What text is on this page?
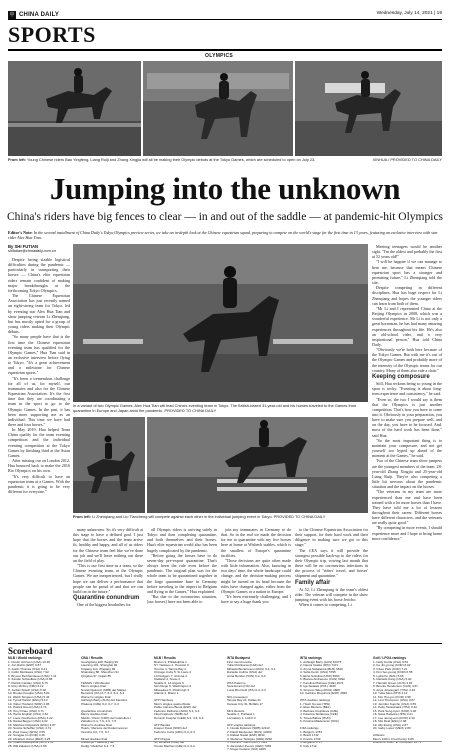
中 CHINA DAILY	Wednesday, July 14, 2021 | 19
SPORTS
OLYMPICS
From left: Young Chinese riders Bao Yingfeng, Liang Ruiji and Zhang Xingjia will all be making their Olympic debuts at the Tokyo Games, which are scheduled to open on July 23.	XINHUA / PROVIDED TO CHINA DAILY
Jumping into the unknown
China's riders have big fences to clear — in and out of the saddle — at pandemic-hit Olympics
Editor's Note: In the second installment of China Daily's Tokyo Olympics preview series, we take an in-depth look at the Chinese equestrian squad, preparing to compete on the world's stage for the first time in 13 years, featuring an exclusive interview with star rider Alex Hua Tian.
By SHI FUTIAN
shifutian@chinadaily.com.cn

Despite facing sizable logistical difficulties during the pandemic — particularly in transporting their horses — China's elite equestrian riders remain confident of making major breakthroughs at the forthcoming Tokyo Olympics.

The Chinese Equestrian Association has just recently named an eight-strong team for Tokyo, led by eventing star Alex Hua Tian and show jumping veteran Li Zhenqiang, but has mostly opted for a group of young riders making their Olympic debuts.

"So many people have that is the first time the Chinese equestrian eventing team has qualified for the Olympic Games," Hua Tian said in an exclusive interview before flying to Tokyo. "It's a great achievement and a milestone for Chinese equestrian sports."

"It's been a tremendous challenge for all of us, for myself, our teammates and also for the Chinese Equestrian Association. It's the first time that they are coordinating a team in the sport to go to the Olympic Games. In the past, it has been more supporting me as an individual. This time we have had three and four horses."

In May 2019, Hua helped Team China qualify for the team eventing competition and the individual eventing competition at the Tokyo Games by finishing third at the Asian Games.

After missing out on London 2012, Hua bounced back to make the 2016 Rio Olympics on his own.

"It's very difficult to have an equestrian team at a Games. With the pandemic it is going to be very different for everyone."

In a variant of two Olympic Games, Alex Hua Tian will lead China's eventing team in Tokyo. The British-based 31-year-old and his horses traveled to the Games from quarantine in Europe and Japan amid the pandemic. PROVIDED TO CHINA DAILY
From left: Li Zhenqiang and Liu Tiancheng will compete against each other in the individual jumping event in Tokyo. PROVIDED TO CHINA DAILY

many unknowns. So it's very difficult at this stage to have a defined goal. I just hope that the horses and the team arrive fit, healthy and happy, and all of us riders for the Chinese team feel like we've done our job and we'll leave nothing out there on the field of play.

"This is our first time as a team, so the Chinese eventing team, at the Olympic Games. We are inexperienced, but I really hope we can deliver a performance that people can be proud of and that we can build on in the future."

Quarantine conundrum

One of the biggest headaches for

all Olympic riders is arriving safely in Tokyo and then completing quarantine, and both themselves and their horses. Hua's elite equestrian world also has been hugely complicated by the pandemic.

"Before going the horses have to do seven-day pre-export quarantine. That's always been the rule even before the pandemic. The original plan was for the whole team to be quarantined together in the large quarantine base in Germany before traveling to the airport in Belgium and flying to the Games," Hua explained.

"But due to the coronavirus situation, [our horses] have not been able to

join my teammates in Germany to do that. So in the end we made the decision for me to quarantine with my five horses here at home at Wisbech stables, which is the smallest of Europe's quarantine facilities.

"Those decisions are quite often made with little information. Also, knowing in two days' time, the whole landscape could change, and the decision-making process might be turned on its head because the rules have changed again, either from the Olympic Games or a nation in Europe.

"It's been extremely challenging, and I have to say a huge thank you

to the Chinese Equestrian Association for their support, for their hard work and their diligence in making sure we got to this stage."

The CEA says it will provide the strongest possible back-up to the riders for their Olympic trip, vowing last month that there will be no coronavirus infections in the process of "riders' travel, and horses' shipment and quarantine."

Family affair

At 52, Li Zhenqiang is the team's oldest rider. The veteran will compete in the show jumping event with his horse Jericho.

When it comes to competing, Li

Meeting teenagers would be another sight. "I'm the oldest and probably the first at 52 years old!"

"I will be happier if we can manage to beat me, because that means Chinese equestrian sport has a stronger and promising future," Li Zhenqiang told the site.

Despite competing in different disciplines, Hua has huge respect for Li Zhenqiang and hopes the younger riders can learn from both of them.

"Mr Li and I represented China at the Beijing Olympics in 2008, which was a wonderful experience. Mr Li is not only a great horseman, he has had many amazing experiences throughout his life. He's also an old-school rider, and a very inspirational person," Hua told China Daily.

"Obviously we're both here because of the Tokyo Games. But with me it's out of the Olympic Games and probably more of the intensity of the Olympic teams for our country. Many of them also ride a chair."

Keeping composure

Still, Hua reckons being so young in the sport is tricky. "Eventing is about long-term experience and consistency," he said.

"Even so, the two I would say is them that the Olympics is just another competition. That's how you have to come into it. Obviously in your preparation, you have to make sure you prepare well, and on the day, you have to be focused. And, most of the hard work has been done," said Hua.

"So the most important thing is to maintain your composure, and not get yourself too hyped up ahead of the moment at the Games," he said.

Two of the Chinese team show jumpers are the youngest members of the team, 28-year-old Zhang Xingjia and 25-year-old Liang Ruiji. They're also competing a little bit nervous about the pandemic situation and the impact on the horses.

"The veterans in my team are more experienced than me and have been trained with a lot more horses than I have. They have told me a lot of lessons throughout their career. Different horses have different characters, and the veterans are really quite good."

"By competing in more events, I should experience more and I hope to bring home more confidence."

Scoreboard
MLB / World rankings
1. Dustin Johnson (USA) 10.35
2. Jon Rahm (ESP) 9.87
3. Justin Thomas (USA) 8.41
4. Collin Morikawa (USA) 7.92
5. Bryson DeChambeau (USA) 7.41
6. Xander Schauffele (USA) 6.88
7. Patrick Cantlay (USA) 6.75
8. Rory McIlroy (NIR) 6.12
9. Jordan Spieth (USA) 5.92
10. Brooks Koepka (USA) 5.81
11. Webb Simpson (USA) 5.43
12. Tyrrell Hatton (ENG) 5.10
13. Viktor Hovland (NOR) 4.96
14. Patrick Reed (USA) 4.74
15. Tony Finau (USA) 4.71
16. Harris English (USA) 4.52
17. Louis Oosthuizen (RSA) 4.22
18. Daniel Berger (USA) 4.02
19. Matthew Fitzpatrick (ENG) 3.87
20. Scottie Scheffler (USA) 3.74
21. Paul Casey (ENG) 3.55
22. Sungjae Im (KOR) 3.46
23. Abraham Ancer (MEX) 3.25
24. Hideki Matsuyama (JPN) 3.11
25. Will Zalatoris (USA) 2.98
CBA / Results
Guangdong 108, Beijing 96
Liaoning 101, Shanghai 92
Xinjiang 114, Zhejiang 99
Shandong 88, Shenzhen 91
Qingdao 97, Fujian 85

TENNIS / Wimbledon
Men's singles final:
Novak Djokovic (SRB) def Matteo
Berrettini (ITA) 6-7, 6-4, 6-4, 6-3
Women's singles final:
Ashleigh Barty (AUS) def Karolina
Pliskova (CZE) 6-3, 6-7, 6-3

Quarantine conundrum
Men's doubles final:
Mektic / Pavic (CRO) def Granollers /
Zeballos 6-4, 7-6, 2-6, 7-5
Women's doubles final:
Hsieh / Mertens def Kudermetova /
Vesnina 3-6, 7-5, 9-7

Mixed doubles final:
Krawczyk / Salisbury def
Dodig / Melichar 6-2, 7-6
MLB / Results
Boston 3, Philadelphia 1
NY Yankees 4, Houston 0
Toronto 4, Tampa Bay 2
Chicago Cubs 5, St Louis 4
LA Dodgers 7, Arizona 4
Oakland 4, Texas 2
Seattle 6, LA Angels 5
San Diego 9, Washington 3
Milwaukee 5, Pittsburgh 3
Atlanta 4, Miami 1

ATP Hamburg
Men's singles quarterfinals:
Pablo Carreno Busta (ESP) def
Federico Delbonis (ARG) 6-3, 6-3
Filip Krajinovic (SRB) def
Dominic Koepfer (GER) 6-3, 4-6, 6-3

ATP Bastad
Casper Ruud (NOR) def
Federico Coria (ARG) 6-3, 6-3

ATP Prague
Jiri Lehecka (CZE) def
Tomas Machac (CZE) 6-4, 6-2
WTA Budapest
First round results:
Yulia Putintseva (KAZ) def
Mihaela Buzarnescu (ROU) 6-4, 6-1
Danielle Collins (USA) def
Anna Bondar (HUN) 6-2, 6-3

WTA Palermo
Sara Errani (ITA) def
Lucia Bronzetti (ITA) 6-3, 6-2

NFL preseason
Tampa Bay 24, Dallas 21
Kansas City 31, Buffalo 17

MLS Results
Seattle 2, Portland 1
LA Galaxy 1, LAFC 0

ATP singles rankings
1. Novak Djokovic (SRB) 12113
2. Daniil Medvedev (RUS) 10280
3. Rafael Nadal (ESP) 9630
4. Stefanos Tsitsipas (GRE) 8260
5. Dominic Thiem (AUT) 7425
6. Alexander Zverev (GER) 7065
7. Roger Federer (SUI) 6465
WTA rankings
1. Ashleigh Barty (AUS) 10075
2. Naomi Osaka (JPN) 7471
3. Aryna Sabalenka (BLR) 6810
4. Sofia Kenin (USA) 5795
5. Elina Svitolina (UKR) 5560
6. Bianca Andreescu (CAN) 5392
7. Karolina Pliskova (CZE) 4972
8. Iga Swiatek (POL) 4940
9. Simona Halep (ROU) 4880
10. Garbine Muguruza (ESP) 4695

WTA doubles rankings
1. Hsieh Su-wei (TPE)
2. Elise Mertens (BEL)
3. Barbora Krejcikova (CZE)
4. Katerina Siniakova (CZE)
5. Timea Babos (HUN)
6. Kristina Mladenovic (FRA)

FIFA rankings
1. Belgium 1783
2. Brazil 1742
3. France 1733
4. England 1717
5. Italy 1712
Golf / LPGA rankings
1. Nelly Korda (USA) 9.54
2. Ko Jin-young (KOR) 8.02
3. Inbee Park (KOR) 7.21
4. Kim Sei-young (KOR) 6.55
5. Lydia Ko (NZL) 5.66
6. Danielle Kang (USA) 5.40
7. Hannah Green (AUS) 4.93
8. Brooke Henderson (CAN) 4.67
9. Ariya Jutanugarn (THA) 4.33
10. Yuka Saso (PHI) 4.12
11. Kim Hyo-joo (KOR) 3.98
12. Lexi Thompson (USA) 3.87
13. Jennifer Kupcho (USA) 3.55
14. Patty Tavatanakit (THA) 3.42
15. Park Sung-hyun (KOR) 3.30
16. Nasa Hataoka (JPN) 3.21
17. Lee Jeong-eun (KOR) 3.10
18. Mel Reid (ENG) 2.98
19. Ally Ewing (USA) 2.87
20. Gaby Lopez (MEX) 2.80

Athletics
Men's 100m: Fred Kerley 9.86
Women's 100m: E Thompson 10.71
